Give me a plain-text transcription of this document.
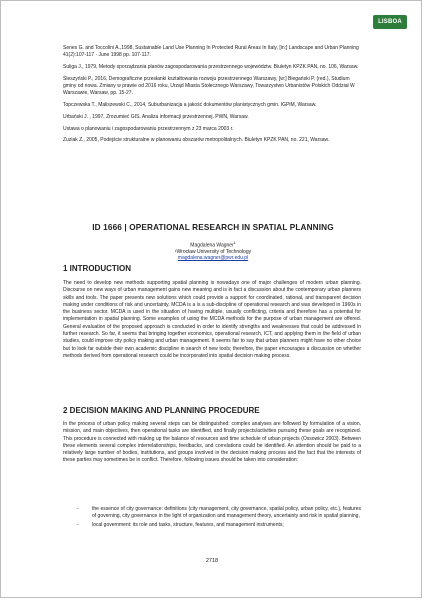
LISBOA

Senes G. and Toccolini A.,1998, Sustainable Land Use Planning In Protected Rural Areas In Italy, [in:] Landscape and Urban Planning 41(2):107-117 · June 1998 pp. 107-117.

Suliga J., 1979, Metody sporządzania planów zagospodarowania przestrzennego województw. Biuletyn KPZK PAN, no. 106, Warsaw.

Śleszyński P., 2016, Demograficzne przesłanki kształtowania rozwoju przestrzennego Warszawy, [w:] Biegański P. (red.), Studium gminy od nowa. Zmiany w prawie od 2016 roku, Urząd Miasta Stołecznego Warszawy, Towarzystwo Urbanistów Polskich Oddział W Warszawie, Warsaw, pp. 15-27.

Topczewska T., Maliszewski C., 2014, Suburbanizacja a jakość dokumentów planistycznych gmin. IGPiM, Warsaw.

Urbański J. , 1997, Zrozumieć GIS. Analiza informacji przestrzennej. PWN, Warsaw.

Ustawa o planowaniu i zagospodarowaniu przestrzennym z 23 marca 2003 r.

Zuziak Z., 2005, Podejście strukturalne w planowaniu obszarów metropolitalnych. Biuletyn KPZK PAN, no. 221, Warsaw.

ID 1666 | OPERATIONAL RESEARCH IN SPATIAL PLANNING
Magdalena Wagner$^1$
¹Wrocław University of Technology
magdalena.wagner@pwr.edu.pl
1 INTRODUCTION
The need to develop new methods supporting spatial planning is nowadays one of major challenges of modern urban planning. Discourse on new ways of urban management gains new meaning and is in fact a discussion about the contemporary urban planners skills and tools. The paper presents new solutions which could provide a support for coordinated, rational, and transparent decision making under conditions of risk and uncertainty. MCDA is a is a sub-discipline of operational research and was developed in 1960s in the business sector. MCDA is used in the situation of having multiple, usually conflicting, criteria and therefore has a potential for implementation in spatial planning. Some examples of using the MCDA methods for the purpose of urban management are offered. General evaluation of the proposed approach is conducted in order to identify strengths and weaknesses that could be addressed in further research. So far, it seems that bringing together economics, operational research, ICT, and applying them in the field of urban studies, could improve city policy making and urban management. It seems fair to say that urban planners might have no other choice but to look far outside their own academic discipline in search of new tools; therefore, the paper encourages a discussion on whether methods derived from operational research could be incorporated into spatial decision making process.
2 DECISION MAKING AND PLANNING PROCEDURE
In the process of urban policy making several steps can be distinguished: complex analyses are followed by formulation of a vision, mission, and main objectives, then operational tasks are identified, and finally projects/activities pursuing these goals are recognized. This procedure is connected with making up the balance of resources and time schedule of urban projects (Ossowicz 2003). Between these elements several complex interrelationships, feedbacks, and correlations could be identified. An attention should be paid to a relatively large number of bodies, institutions, and groups involved in the decision making process and the fact that the interests of these parties may sometimes be in conflict. Therefore, following issues should be taken into consideration:
-	the essence of city governance: definitions (city management, city governance, spatial policy, urban policy, etc.), features of governing, city governance in the light of organization and management theory, uncertainty and risk in spatial planning,
-	local government: its role and tasks, structure, features, and management instruments;
2718
